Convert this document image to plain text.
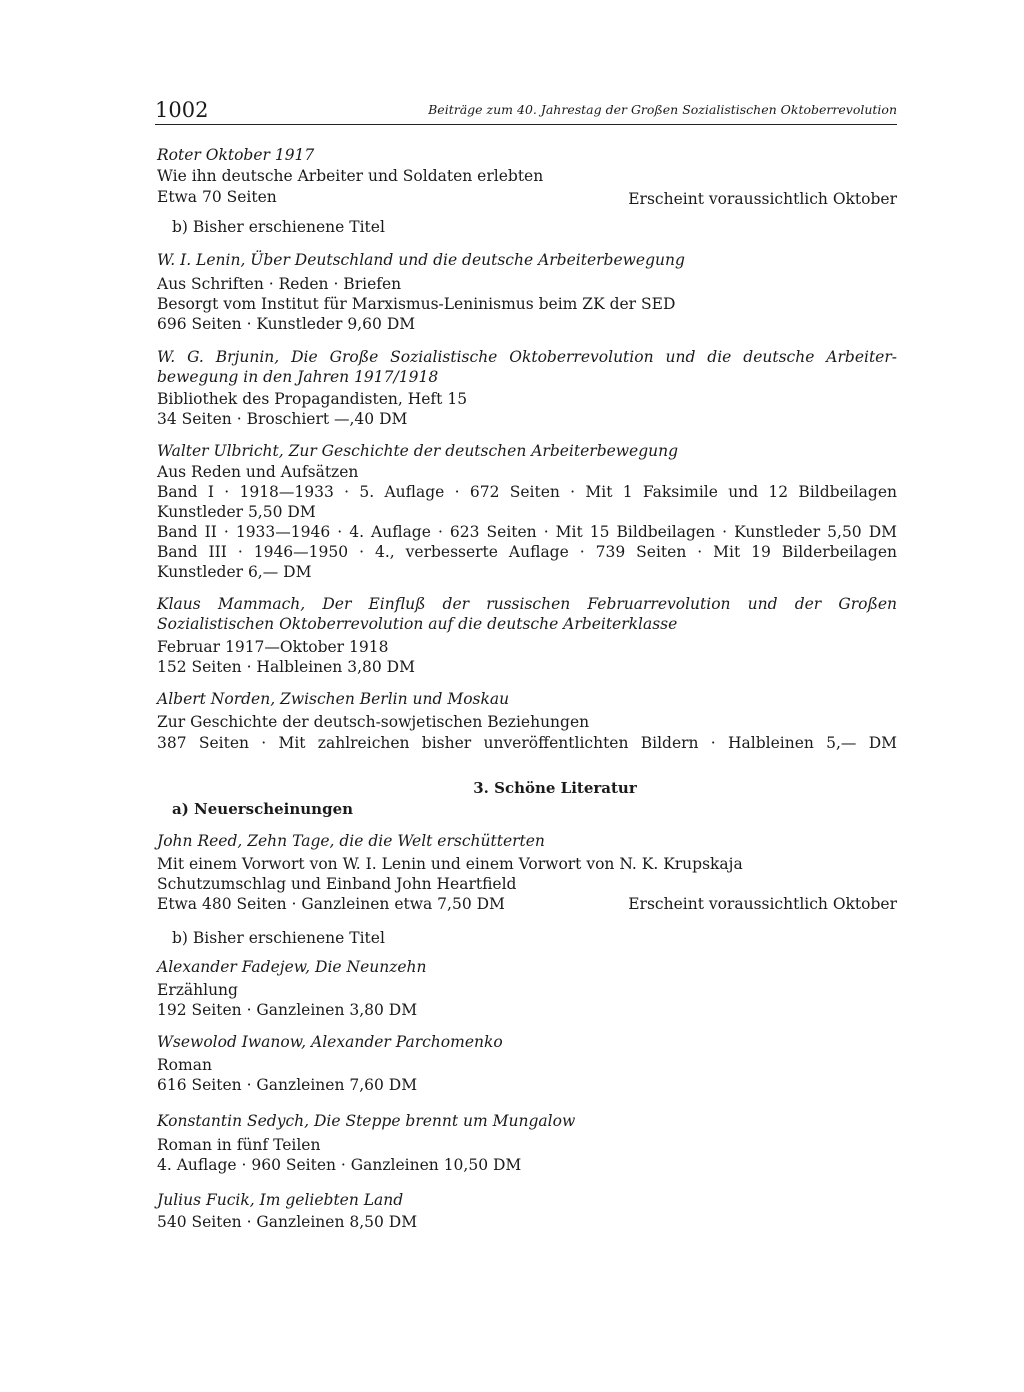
1002	Beiträge zum 40. Jahrestag der Großen Sozialistischen Oktoberrevolution
Roter Oktober 1917
Wie ihn deutsche Arbeiter und Soldaten erlebten
Etwa 70 Seiten	Erscheint voraussichtlich Oktober
b) Bisher erschienene Titel
W. I. Lenin, Über Deutschland und die deutsche Arbeiterbewegung
Aus Schriften · Reden · Briefen
Besorgt vom Institut für Marxismus-Leninismus beim ZK der SED
696 Seiten · Kunstleder 9,60 DM
W. G. Brjunin, Die Große Sozialistische Oktoberrevolution und die deutsche Arbeiter-
bewegung in den Jahren 1917/1918
Bibliothek des Propagandisten, Heft 15
34 Seiten · Broschiert —,40 DM
Walter Ulbricht, Zur Geschichte der deutschen Arbeiterbewegung
Aus Reden und Aufsätzen
Band I · 1918—1933 · 5. Auflage · 672 Seiten · Mit 1 Faksimile und 12 Bildbeilagen
Kunstleder 5,50 DM
Band II · 1933—1946 · 4. Auflage · 623 Seiten · Mit 15 Bildbeilagen · Kunstleder 5,50 DM
Band III · 1946—1950 · 4., verbesserte Auflage · 739 Seiten · Mit 19 Bilderbeilagen
Kunstleder 6,— DM
Klaus Mammach, Der Einfluß der russischen Februarrevolution und der Großen
Sozialistischen Oktoberrevolution auf die deutsche Arbeiterklasse
Februar 1917—Oktober 1918
152 Seiten · Halbleinen 3,80 DM
Albert Norden, Zwischen Berlin und Moskau
Zur Geschichte der deutsch-sowjetischen Beziehungen
387 Seiten · Mit zahlreichen bisher unveröffentlichten Bildern · Halbleinen 5,— DM
3. Schöne Literatur
a) Neuerscheinungen
John Reed, Zehn Tage, die die Welt erschütterten
Mit einem Vorwort von W. I. Lenin und einem Vorwort von N. K. Krupskaja
Schutzumschlag und Einband John Heartfield
Etwa 480 Seiten · Ganzleinen etwa 7,50 DM	Erscheint voraussichtlich Oktober
b) Bisher erschienene Titel
Alexander Fadejew, Die Neunzehn
Erzählung
192 Seiten · Ganzleinen 3,80 DM
Wsewolod Iwanow, Alexander Parchomenko
Roman
616 Seiten · Ganzleinen 7,60 DM
Konstantin Sedych, Die Steppe brennt um Mungalow
Roman in fünf Teilen
4. Auflage · 960 Seiten · Ganzleinen 10,50 DM
Julius Fucik, Im geliebten Land
540 Seiten · Ganzleinen 8,50 DM
